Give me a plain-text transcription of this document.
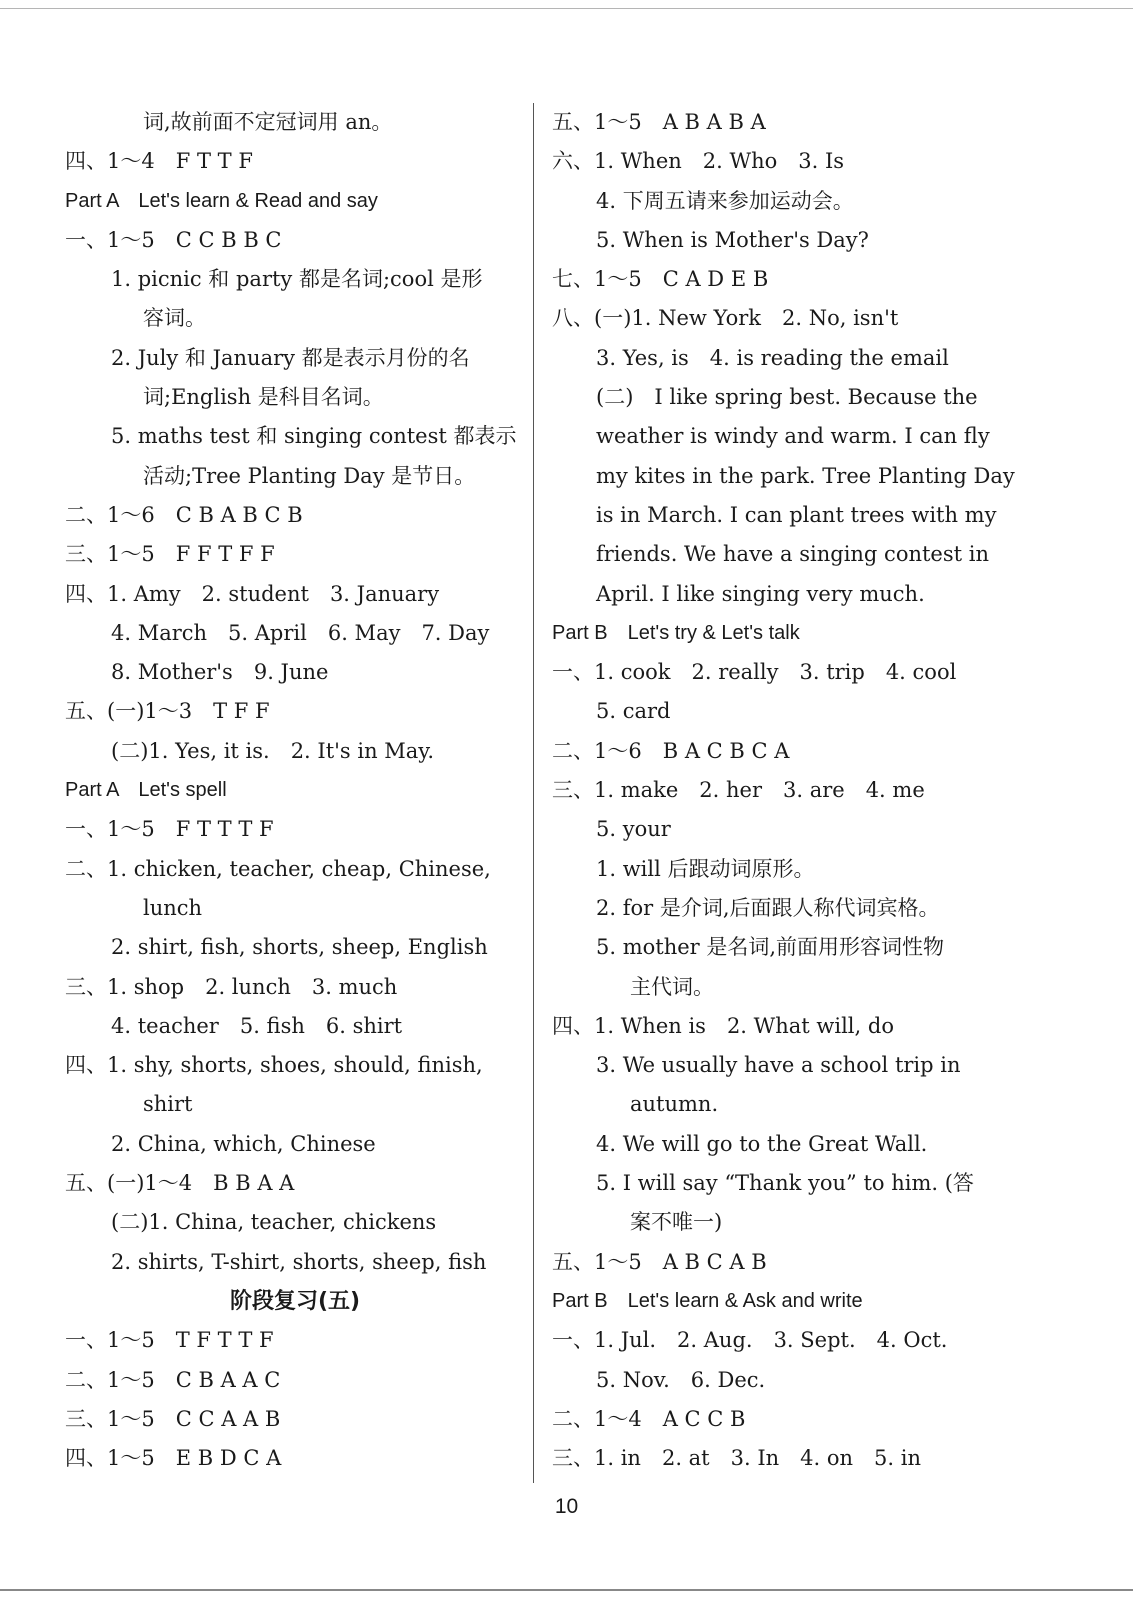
词,故前面不定冠词用 an。
四、1～4　F T T F
Part A　Let's learn & Read and say
一、1～5　C C B B C
1. picnic 和 party 都是名词;cool 是形
容词。
2. July 和 January 都是表示月份的名
词;English 是科目名词。
5. maths test 和 singing contest 都表示
活动;Tree Planting Day 是节日。
二、1～6　C B A B C B
三、1～5　F F T F F
四、1. Amy　2. student　3. January
4. March　5. April　6. May　7. Day
8. Mother's　9. June
五、(一)1～3　T F F
(二)1. Yes, it is.　2. It's in May.
Part A　Let's spell
一、1～5　F T T T F
二、1. chicken, teacher, cheap, Chinese,
lunch
2. shirt, fish, shorts, sheep, English
三、1. shop　2. lunch　3. much
4. teacher　5. fish　6. shirt
四、1. shy, shorts, shoes, should, finish,
shirt
2. China, which, Chinese
五、(一)1～4　B B A A
(二)1. China, teacher, chickens
2. shirts, T-shirt, shorts, sheep, fish
阶段复习(五)
一、1～5　T F T T F
二、1～5　C B A A C
三、1～5　C C A A B
四、1～5　E B D C A
五、1～5　A B A B A
六、1. When　2. Who　3. Is
4. 下周五请来参加运动会。
5. When is Mother's Day?
七、1～5　C A D E B
八、(一)1. New York　2. No, isn't
3. Yes, is　4. is reading the email
(二)　I like spring best. Because the
weather is windy and warm. I can fly
my kites in the park. Tree Planting Day
is in March. I can plant trees with my
friends. We have a singing contest in
April. I like singing very much.
Part B　Let's try & Let's talk
一、1. cook　2. really　3. trip　4. cool
5. card
二、1～6　B A C B C A
三、1. make　2. her　3. are　4. me
5. your
1. will 后跟动词原形。
2. for 是介词,后面跟人称代词宾格。
5. mother 是名词,前面用形容词性物
主代词。
四、1. When is　2. What will, do
3. We usually have a school trip in
autumn.
4. We will go to the Great Wall.
5. I will say “Thank you” to him. (答
案不唯一)
五、1～5　A B C A B
Part B　Let's learn & Ask and write
一、1. Jul.　2. Aug.　3. Sept.　4. Oct.
5. Nov.　6. Dec.
二、1～4　A C C B
三、1. in　2. at　3. In　4. on　5. in
10
